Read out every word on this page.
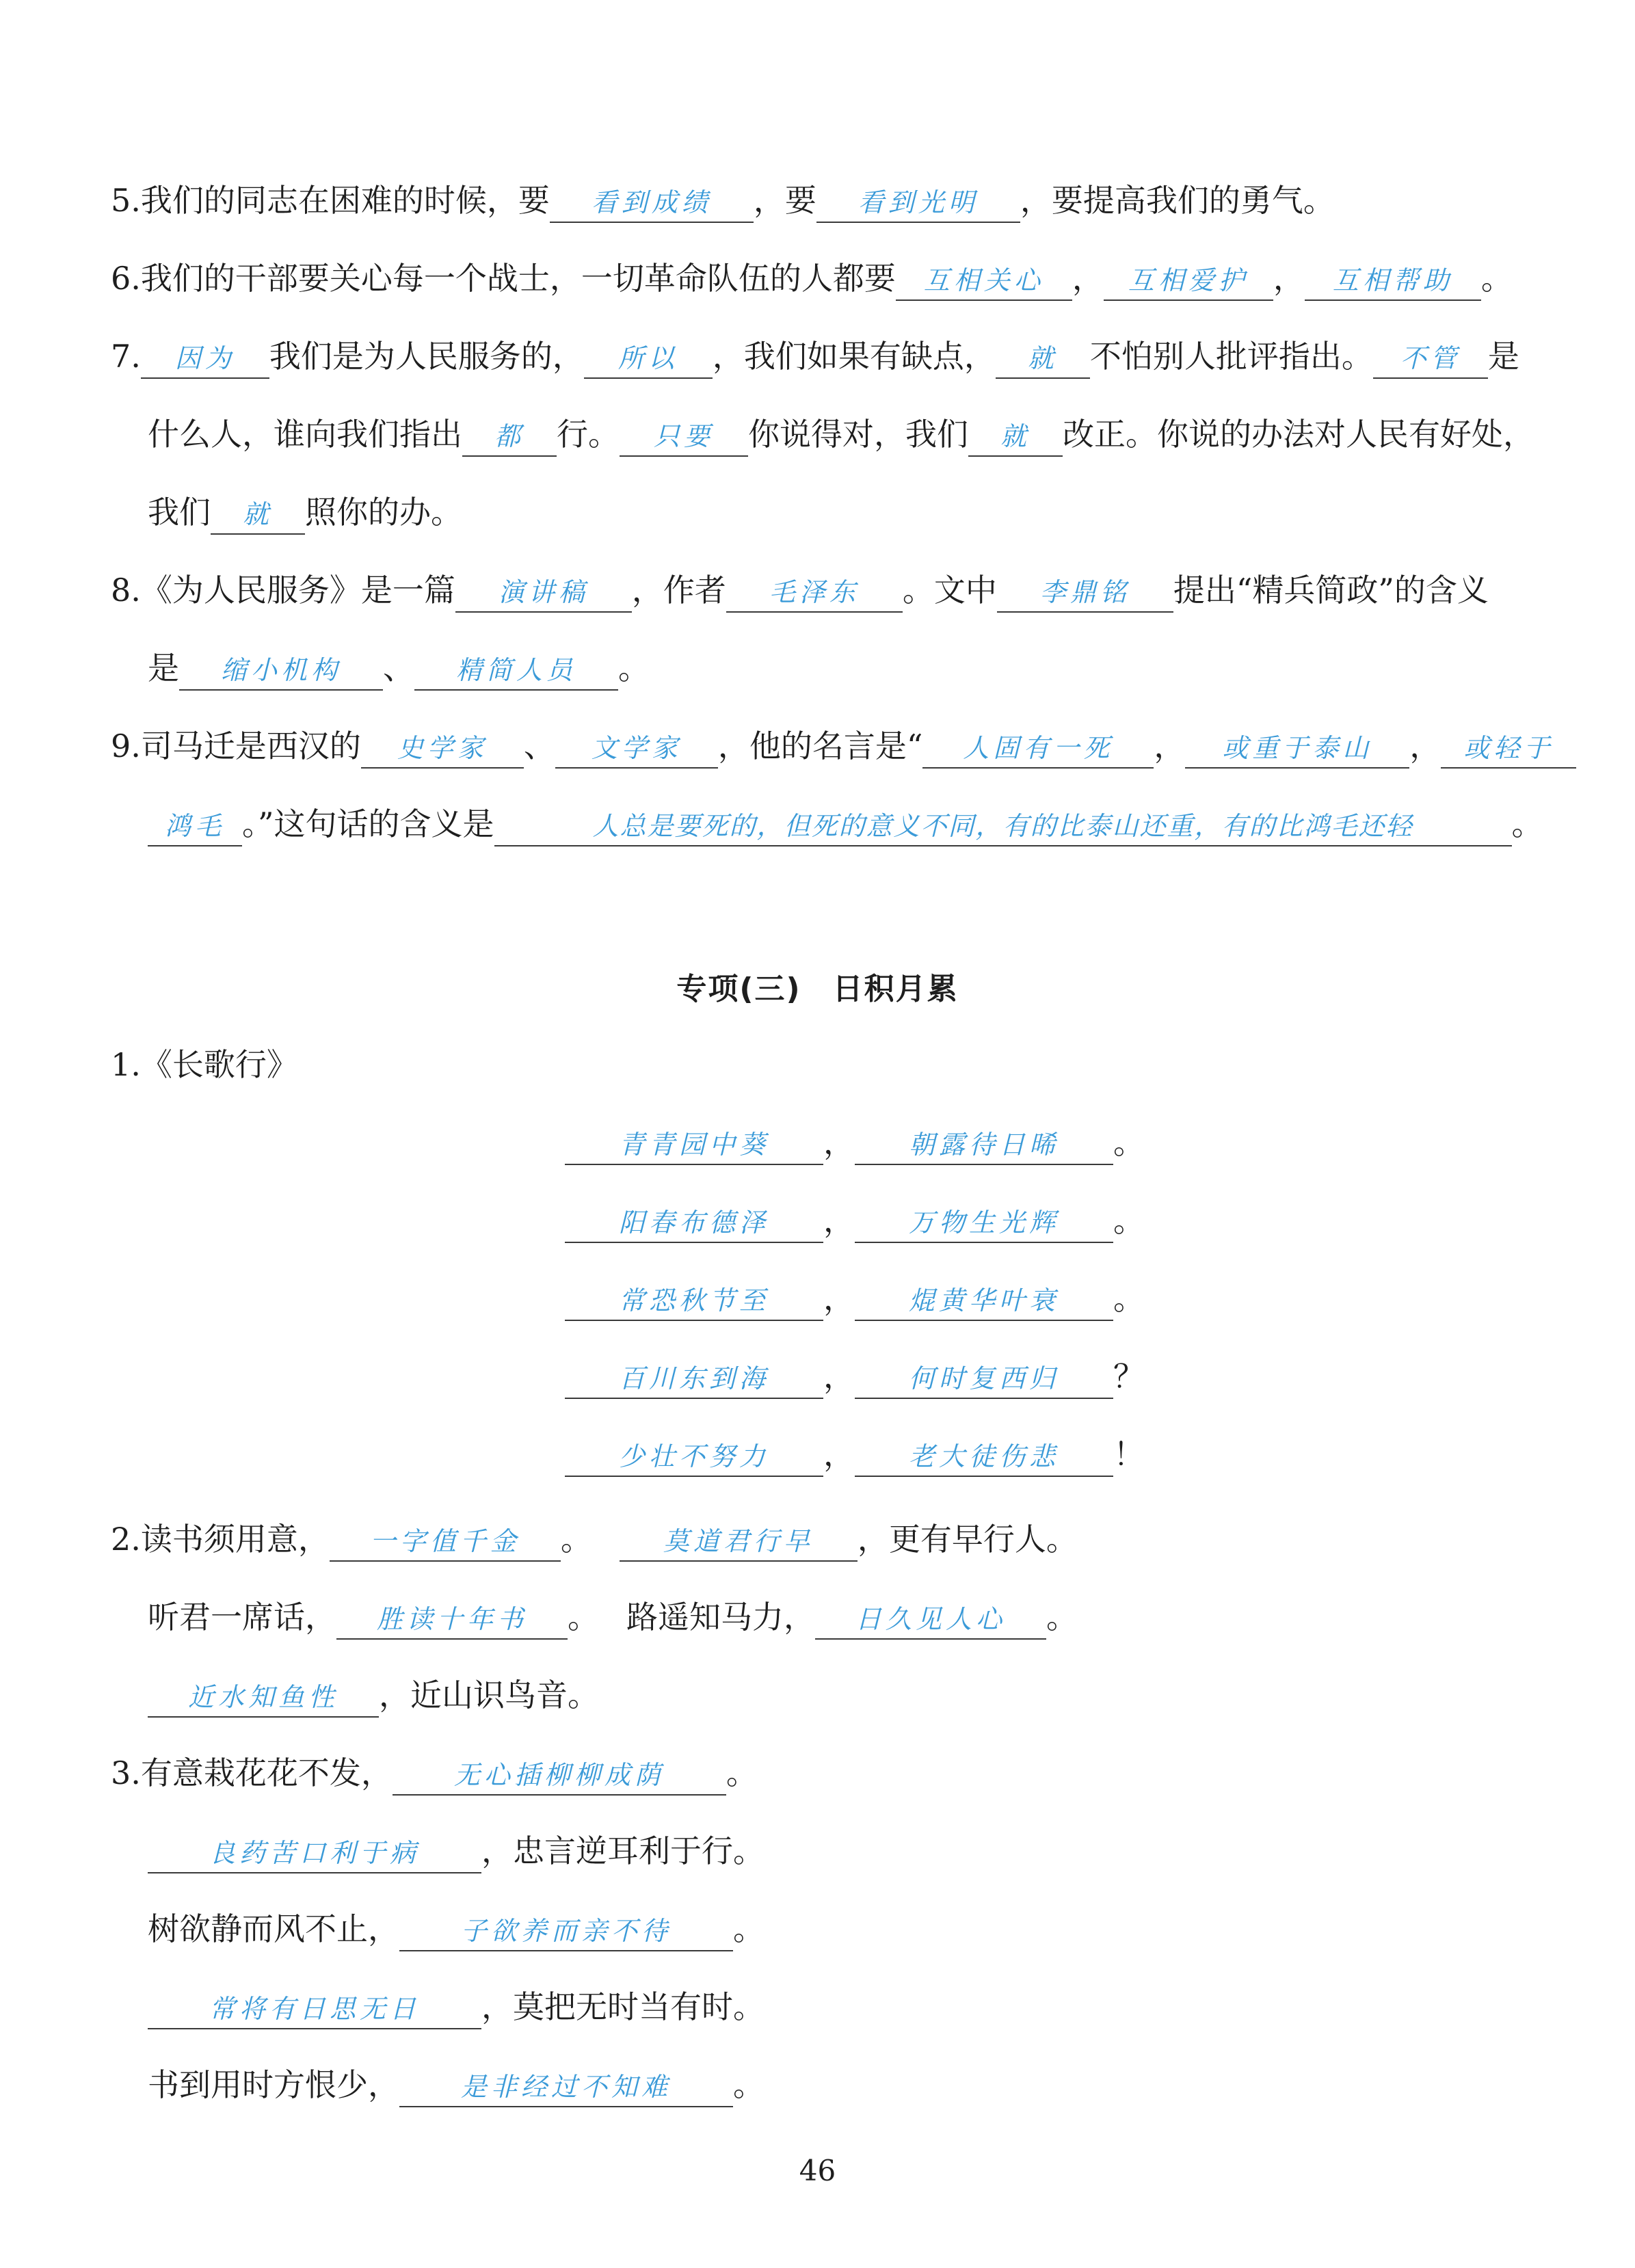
5.我们的同志在困难的时候，要 看到成绩 ，要 看到光明 ，要提高我们的勇气。
6.我们的干部要关心每一个战士，一切革命队伍的人都要 互相关心 ， 互相爱护 ， 互相帮助 。
7. 因为 我们是为人民服务的， 所以 ，我们如果有缺点， 就 不怕别人批评指出。 不管 是
什么人，谁向我们指出 都 行。 只要 你说得对，我们 就 改正。你说的办法对人民有好处，
我们 就 照你的办。
8.《为人民服务》是一篇 演讲稿 ，作者 毛泽东 。文中 李鼎铭 提出“精兵简政”的含义
是 缩小机构 、 精简人员 。
9.司马迁是西汉的 史学家 、 文学家 ，他的名言是“ 人固有一死 ， 或重于泰山 ， 或轻于
鸿毛 。”这句话的含义是	人总是要死的，但死的意义不同，有的比泰山还重，有的比鸿毛还轻	。
专项(三)　日积月累
1.《长歌行》
青青园中葵 ， 朝露待日晞 。
阳春布德泽 ， 万物生光辉 。
常恐秋节至 ， 焜黄华叶衰 。
百川东到海 ， 何时复西归 ？
少壮不努力 ， 老大徒伤悲 ！
2.读书须用意， 一字值千金 。	莫道君行早 ，更有早行人。
听君一席话， 胜读十年书 。 路遥知马力， 日久见人心 。
近水知鱼性 ，近山识鸟音。
3.有意栽花花不发， 无心插柳柳成荫 。
良药苦口利于病 ，忠言逆耳利于行。
树欲静而风不止， 子欲养而亲不待 。
常将有日思无日 ，莫把无时当有时。
书到用时方恨少， 是非经过不知难 。
46
